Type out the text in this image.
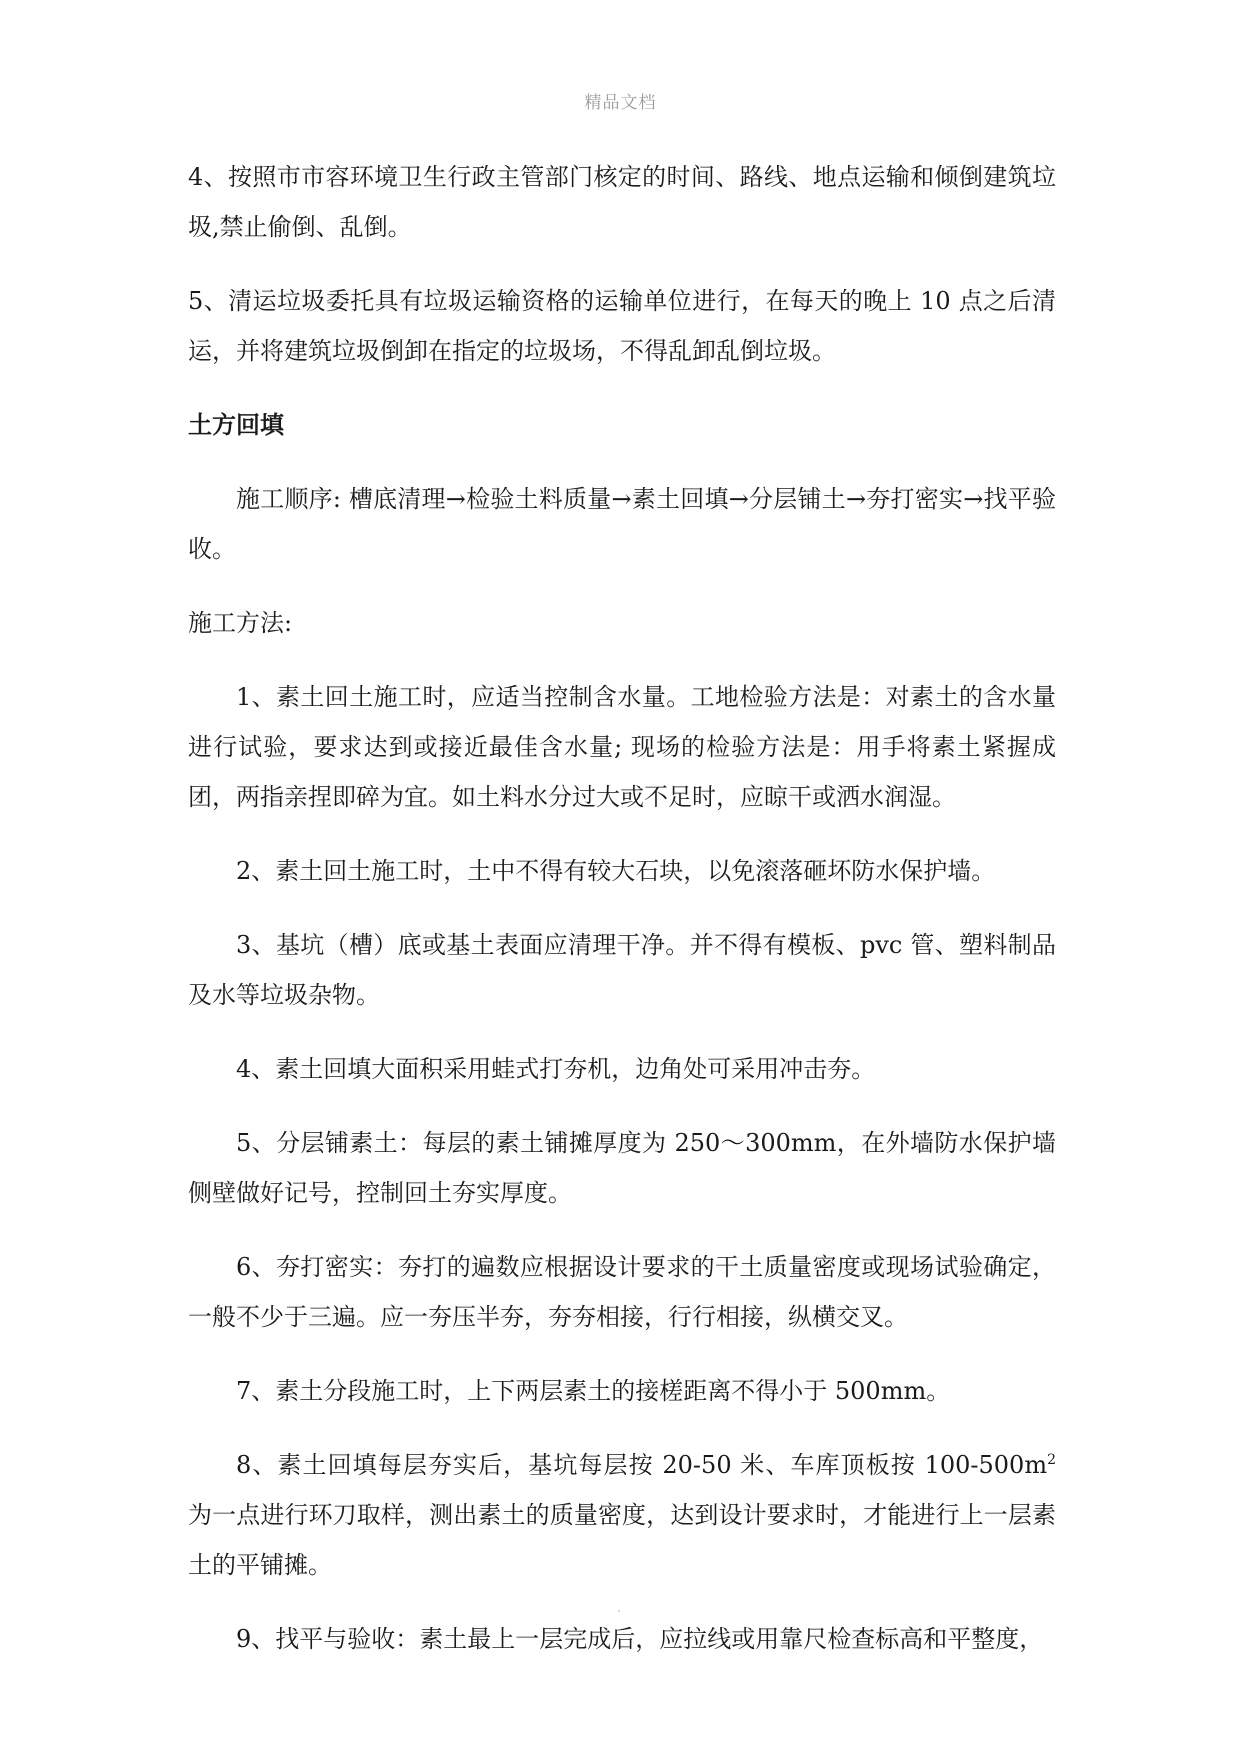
精品文档

4、按照市市容环境卫生行政主管部门核定的时间、路线、地点运输和倾倒建筑垃圾,禁止偷倒、乱倒。

5、清运垃圾委托具有垃圾运输资格的运输单位进行，在每天的晚上 10 点之后清运，并将建筑垃圾倒卸在指定的垃圾场，不得乱卸乱倒垃圾。

土方回填

施工顺序: 槽底清理→检验土料质量→素土回填→分层铺土→夯打密实→找平验收。

施工方法:

1、素土回土施工时，应适当控制含水量。工地检验方法是：对素土的含水量进行试验，要求达到或接近最佳含水量; 现场的检验方法是：用手将素土紧握成团，两指亲捏即碎为宜。如土料水分过大或不足时，应晾干或洒水润湿。

2、素土回土施工时，土中不得有较大石块，以免滚落砸坏防水保护墙。

3、基坑（槽）底或基土表面应清理干净。并不得有模板、pvc 管、塑料制品及水等垃圾杂物。

4、素土回填大面积采用蛙式打夯机，边角处可采用冲击夯。

5、分层铺素土：每层的素土铺摊厚度为 250～300mm，在外墙防水保护墙侧壁做好记号，控制回土夯实厚度。

6、夯打密实：夯打的遍数应根据设计要求的干土质量密度或现场试验确定，一般不少于三遍。应一夯压半夯，夯夯相接，行行相接，纵横交叉。

7、素土分段施工时，上下两层素土的接槎距离不得小于 500mm。

8、素土回填每层夯实后，基坑每层按 20-50 米、车库顶板按 $100-500m^2$ 为一点进行环刀取样，测出素土的质量密度，达到设计要求时，才能进行上一层素土的平铺摊。

9、找平与验收：素土最上一层完成后，应拉线或用靠尺检查标高和平整度，
